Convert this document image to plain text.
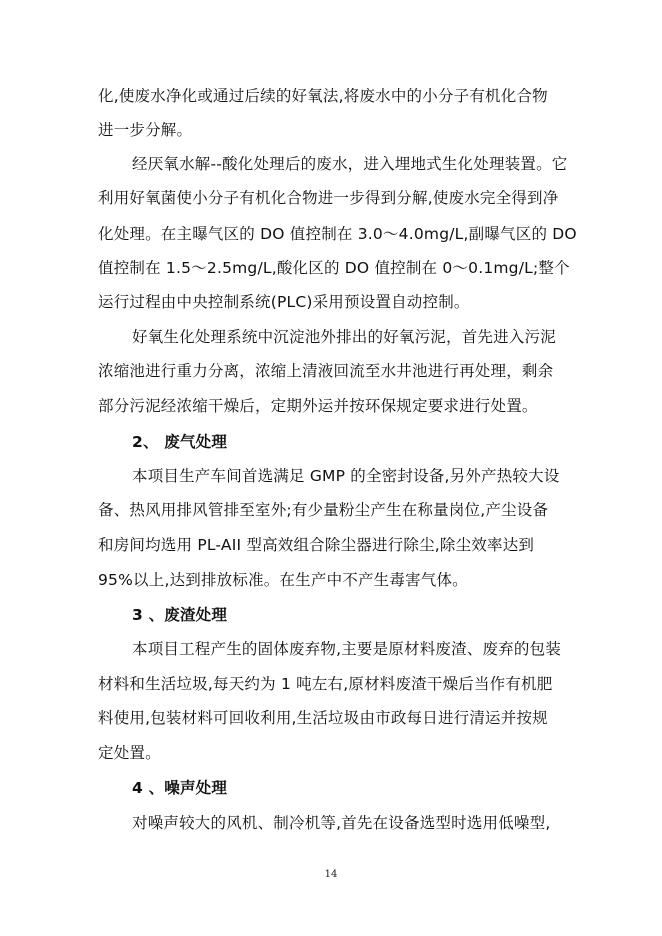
化,使废水净化或通过后续的好氧法,将废水中的小分子有机化合物
进一步分解。
经厌氧水解--酸化处理后的废水，进入埋地式生化处理装置。它
利用好氧菌使小分子有机化合物进一步得到分解,使废水完全得到净
化处理。在主曝气区的 DO 值控制在 3.0～4.0mg/L,副曝气区的 DO
值控制在 1.5～2.5mg/L,酸化区的 DO 值控制在 0～0.1mg/L;整个
运行过程由中央控制系统(PLC)采用预设置自动控制。
好氧生化处理系统中沉淀池外排出的好氧污泥，首先进入污泥
浓缩池进行重力分离，浓缩上清液回流至水井池进行再处理，剩余
部分污泥经浓缩干燥后，定期外运并按环保规定要求进行处置。
2、 废气处理
本项目生产车间首选满足 GMP 的全密封设备,另外产热较大设
备、热风用排风管排至室外;有少量粉尘产生在称量岗位,产尘设备
和房间均选用 PL-AII 型高效组合除尘器进行除尘,除尘效率达到
95%以上,达到排放标准。在生产中不产生毒害气体。
3 、废渣处理
本项目工程产生的固体废弃物,主要是原材料废渣、废弃的包装
材料和生活垃圾,每天约为 1 吨左右,原材料废渣干燥后当作有机肥
料使用,包装材料可回收利用,生活垃圾由市政每日进行清运并按规
定处置。
4 、噪声处理
对噪声较大的风机、制冷机等,首先在设备选型时选用低噪型,
14
